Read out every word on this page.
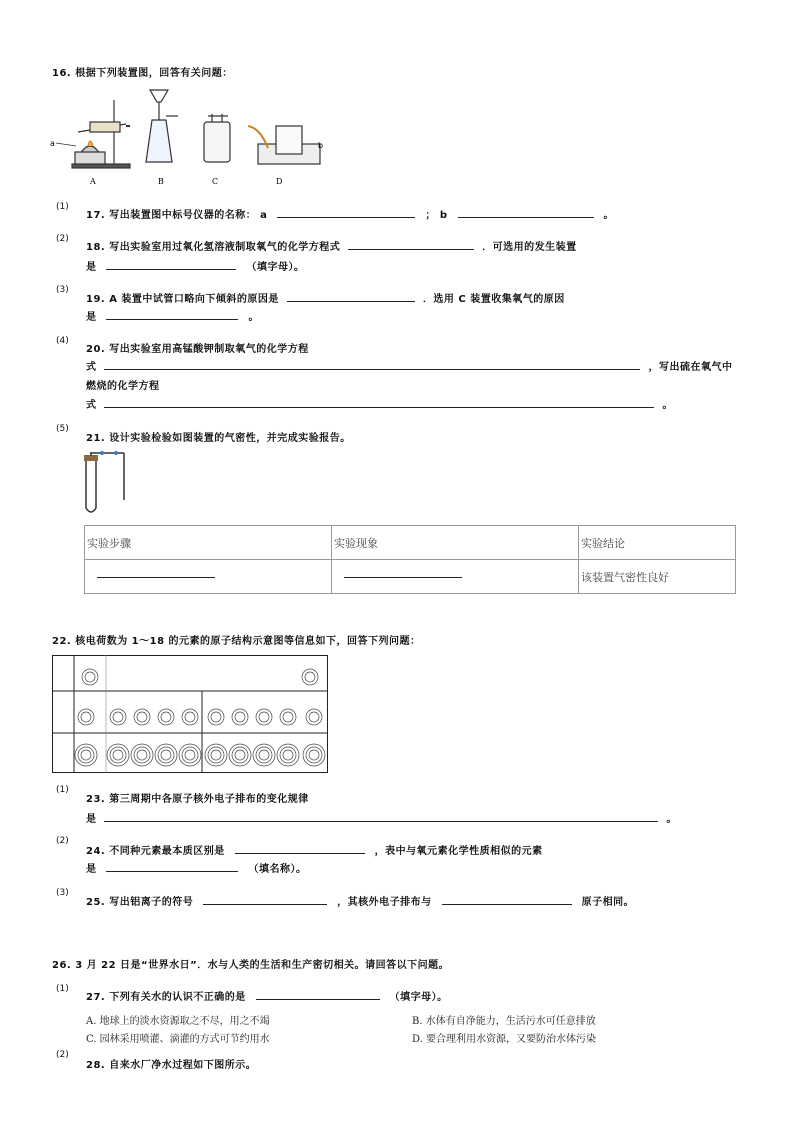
16. 根据下列装置图，回答有关问题：
a	b
A	B	C	D
(1)
17. 写出装置图中标号仪器的名称： a	； b	。
(2)
18. 写出实验室用过氧化氢溶液制取氧气的化学方程式	．可选用的发生装置
是	（填字母）。
(3)
19. A 装置中试管口略向下倾斜的原因是	．选用 C 装置收集氧气的原因
是	。
(4)
20. 写出实验室用高锰酸钾制取氧气的化学方程
式	，写出硫在氧气中
燃烧的化学方程
式	。
(5)
21. 设计实验检验如图装置的气密性，并完成实验报告。
实验步骤	实验现象	实验结论
		该装置气密性良好
22. 核电荷数为 1～18 的元素的原子结构示意图等信息如下，回答下列问题：
(1)
23. 第三周期中各原子核外电子排布的变化规律
是	。
(2)
24. 不同种元素最本质区别是	，表中与氧元素化学性质相似的元素
是	（填名称）。
(3)
25. 写出铝离子的符号	，其核外电子排布与	原子相同。
26. 3 月 22 日是“世界水日”．水与人类的生活和生产密切相关。请回答以下问题。
(1)
27. 下列有关水的认识不正确的是	（填字母）。
A. 地球上的淡水资源取之不尽，用之不竭	B. 水体有自净能力，生活污水可任意排放
C. 园林采用喷灌、滴灌的方式可节约用水	D. 要合理利用水资源，又要防治水体污染
(2)
28. 自来水厂净水过程如下图所示。
